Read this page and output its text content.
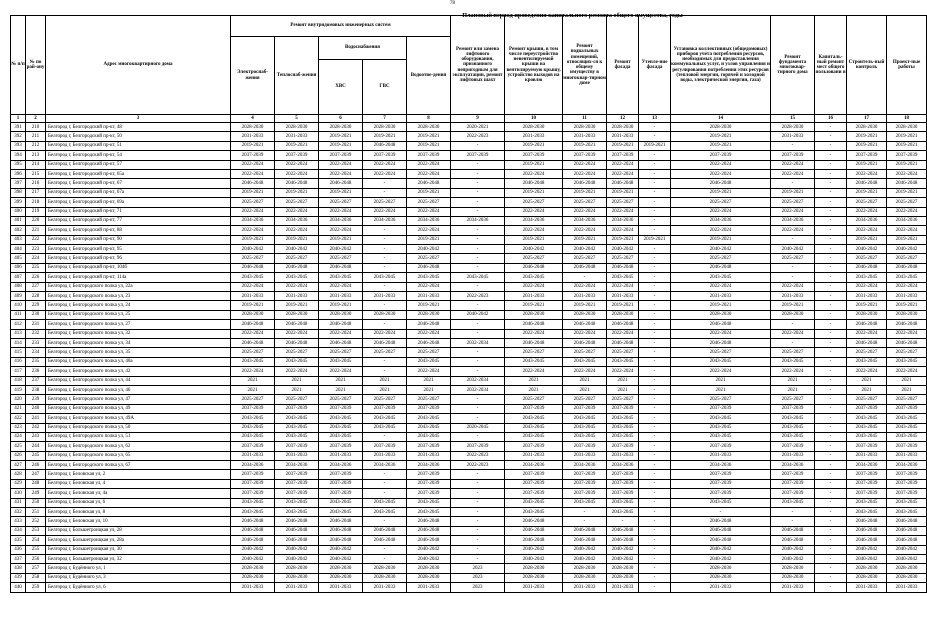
78
Плановый период проведения капитального ремонта общего имущества, годы
№ п/п	№ по рай-ону	Адрес многоквартирного дома	Ремонт внутридомовых инженерных систем					Ремонт или замена лифтового оборудования, признанного непригодным для эксплуатации, ремонт лифтовых шахт	Ремонт крыши, в том числе переустройство невентилируемой крыши на вентилируемую крышу, устройство выходов на кровлю	Ремонт подвальных помещений, относящих-ся к общему имуществу в многоквар-тирном доме	Ремонт фасада	Утепле-ние фасада	Установка коллективных (общедомовых) приборов учета потребления ресурсов, необходимых для предоставления коммунальных услуг, и узлов управления и регулирования потребления этих ресурсов (тепловой энергии, горячей и холодной воды, электрической энергии, газа)	Ремонт фундамента многоквар-тирного дома	Капиталь-ный ремонт мест общего пользовани я	Строитель-ный контроль	Проект-ные работы
			Электроснаб-жения	Теплоснаб-жения	Водоснабжения		Водоотве-дения										
					ХВС	ГВС											
1	2	3	4	5	6	7	8	9	10	11	12	13	14	15	16	17	18
391	210	Белгород г, Белгородский пр-кт, 48	2028-2030	2028-2030	2028-2030	2028-2030	2028-2030	2020-2021	2028-2030	2028-2030	2028-2030	-	2028-2030	2028-2030	-	2028-2030	2028-2030
392	211	Белгород г, Белгородский пр-кт, 50	2031-2033	2031-2033	2019-2021	2019-2021	2019-2021	2022-2023	2031-2033	2031-2033	2031-2033	-	2019-2021	2031-2033	-	2019-2021	2019-2021
393	212	Белгород г, Белгородский пр-кт, 51	2019-2021	2019-2021	2019-2021	2046-2048	2019-2021	-	2019-2021	2019-2021	2019-2021	2019-2021	2019-2021	-	-	2019-2021	2019-2021
394	213	Белгород г, Белгородский пр-кт, 54	2037-2039	2037-2039	2037-2039	2037-2039	2037-2039	2037-2039	2037-2039	2037-2039	2037-2039	-	2037-2039	2037-2039	-	2037-2039	2037-2039
395	214	Белгород г, Белгородский пр-кт, 57	2022-2024	2022-2024	2022-2024	2022-2024	2022-2024	-	2019-2021	2022-2024	2022-2024	-	2022-2024	2022-2024	-	2019-2021	2019-2021
396	215	Белгород г, Белгородский пр-кт, 65а	2022-2024	2022-2024	2022-2024	2022-2024	2022-2024	-	2022-2024	2022-2024	2022-2024	-	2022-2024	2022-2024	-	2022-2024	2022-2024
397	216	Белгород г, Белгородский пр-кт, 67	2046-2048	2046-2048	2046-2048	-	2046-2048	-	2046-2048	2046-2048	2046-2048	-	2046-2048	-	-	2046-2048	2046-2048
398	217	Белгород г, Белгородский пр-кт, 67а	2019-2021	2019-2021	2019-2021	-	2019-2021	-	2019-2021	2019-2021	2019-2021	-	2019-2021	2019-2021	-	2019-2021	2019-2021
399	218	Белгород г, Белгородский пр-кт, 69а	2025-2027	2025-2027	2025-2027	2025-2027	2025-2027	-	2025-2027	2025-2027	2025-2027	-	2025-2027	2025-2027	-	2025-2027	2025-2027
400	219	Белгород г, Белгородский пр-кт, 71	2022-2024	2022-2024	2022-2024	2022-2024	2022-2024	-	2022-2024	2022-2024	2022-2024	-	2022-2024	2022-2024	-	2022-2024	2022-2024
401	220	Белгород г, Белгородский пр-кт, 77	2034-2036	2034-2036	2034-2036	2034-2036	2034-2036	2034-2036	2034-2036	2034-2036	2034-2036	-	2034-2036	2034-2036	-	2034-2036	2034-2036
402	221	Белгород г, Белгородский пр-кт, 88	2022-2024	2022-2024	2022-2024	-	2022-2024	-	2022-2024	2022-2024	2022-2024	-	2022-2024	2022-2024	-	2022-2024	2022-2024
403	222	Белгород г, Белгородский пр-кт, 90	2019-2021	2019-2021	2019-2021	-	2019-2021	-	2019-2021	2019-2021	2019-2021	2019-2021	2019-2021	-	-	2019-2021	2019-2021
404	223	Белгород г, Белгородский пр-кт, 95	2040-2042	2040-2042	2040-2042	-	2040-2042	-	2040-2042	2040-2042	2040-2042	-	2040-2042	2040-2042	-	2040-2042	2040-2042
405	224	Белгород г, Белгородский пр-кт, 96	2025-2027	2025-2027	2025-2027	-	2025-2027	-	2025-2027	2025-2027	2025-2027	-	2025-2027	2025-2027	-	2025-2027	2025-2027
406	225	Белгород г, Белгородский пр-кт, 104б	2046-2048	2046-2048	2046-2048	-	2046-2048	-	2046-2048	2046-2048	2046-2048	-	2046-2048	-	-	2046-2048	2046-2048
407	226	Белгород г, Белгородский пр-кт, 114а	2043-2045	2043-2045	2043-2045	2043-2045	2043-2045	2043-2045	2043-2045	-	2043-2045	-	2043-2045	-	-	2043-2045	2043-2045
408	227	Белгород г, Белгородского полка ул, 22а	2022-2024	2022-2024	2022-2024	-	2022-2024	-	2022-2024	2022-2024	2022-2024	-	2022-2024	2022-2024	-	2022-2024	2022-2024
409	228	Белгород г, Белгородского полка ул, 23	2031-2033	2031-2033	2031-2033	2031-2033	2031-2033	2022-2023	2031-2033	2031-2033	2031-2033	-	2031-2033	2031-2033	-	2031-2033	2031-2033
410	229	Белгород г, Белгородского полка ул, 24	2019-2021	2019-2021	2019-2021	-	2019-2021	-	2019-2021	2019-2021	2019-2021	-	2019-2021	2019-2021	-	2019-2021	2019-2021
411	230	Белгород г, Белгородского полка ул, 25	2028-2030	2028-2030	2028-2030	2028-2030	2028-2030	2040-2042	2028-2030	2028-2030	2028-2030	-	2028-2030	2028-2030	-	2028-2030	2028-2030
412	231	Белгород г, Белгородского полка ул, 27	2046-2048	2046-2048	2046-2048	-	2046-2048	-	2046-2048	2046-2048	2046-2048	-	2046-2048	-	-	2046-2048	2046-2048
413	232	Белгород г, Белгородского полка ул, 32	2022-2024	2022-2024	2022-2024	2022-2024	2022-2024	-	2022-2024	2022-2024	2022-2024	-	2022-2024	2022-2024	-	2022-2024	2022-2024
414	233	Белгород г, Белгородского полка ул, 34	2046-2048	2046-2048	2046-2048	2046-2048	2046-2048	2032-2034	2046-2048	2046-2048	2046-2048	-	2046-2048	-	-	2046-2048	2046-2048
415	234	Белгород г, Белгородского полка ул, 35	2025-2027	2025-2027	2025-2027	2025-2027	2025-2027	-	2025-2027	2025-2027	2025-2027	-	2025-2027	2025-2027	-	2025-2027	2025-2027
416	235	Белгород г, Белгородского полка ул, 40а	2043-2045	2043-2045	2043-2045	-	2043-2045	-	2043-2045	2043-2045	2043-2045	-	2043-2045	2043-2045	-	2043-2045	2043-2045
417	236	Белгород г, Белгородского полка ул, 42	2022-2024	2022-2024	2022-2024	-	2022-2024	-	2022-2024	2022-2024	2022-2024	-	2022-2024	2022-2024	-	2022-2024	2022-2024
418	237	Белгород г, Белгородского полка ул, 44	2021	2021	2021	2021	2021	2032-2034	2021	2021	2021	-	2021	2021	-	2021	2021
419	238	Белгород г, Белгородского полка ул, 46	2021	2021	2021	2021	2021	2032-2034	2021	2021	2021	-	2021	2021	-	2021	2021
420	239	Белгород г, Белгородского полка ул, 47	2025-2027	2025-2027	2025-2027	2025-2027	2025-2027	-	2025-2027	2025-2027	2025-2027	-	2025-2027	2025-2027	-	2025-2027	2025-2027
421	240	Белгород г, Белгородского полка ул, 49	2037-2039	2037-2039	2037-2039	2037-2039	2037-2039	-	2037-2039	2037-2039	2037-2039	-	2037-2039	2037-2039	-	2037-2039	2037-2039
422	241	Белгород г, Белгородского полка ул, 49А	2043-2045	2043-2045	2043-2045	2043-2045	2043-2045	-	2043-2045	2043-2045	2043-2045	-	2043-2045	2043-2045	-	2043-2045	2043-2045
423	242	Белгород г, Белгородского полка ул, 50	2043-2045	2043-2045	2043-2045	2043-2045	2043-2045	2020-2045	2043-2045	2043-2045	2043-2045	-	2043-2045	2043-2045	-	2043-2045	2043-2045
424	243	Белгород г, Белгородского полка ул, 51	2043-2045	2043-2045	2043-2045	-	2043-2045	-	2043-2045	2043-2045	2043-2045	-	2043-2045	2043-2045	-	2043-2045	2043-2045
425	244	Белгород г, Белгородского полка ул, 62	2037-2039	2037-2039	2037-2039	2037-2039	2037-2039	2037-2039	2037-2039	2037-2039	2037-2039	-	2037-2039	2037-2039	-	2037-2039	2037-2039
426	245	Белгород г, Белгородского полка ул, 65	2031-2033	2031-2033	2031-2033	2031-2033	2031-2033	2022-2023	2031-2033	2031-2033	2031-2033	-	2031-2033	2031-2033	-	2031-2033	2031-2033
427	246	Белгород г, Белгородского полка ул, 67	2034-2036	2034-2036	2034-2036	2034-2036	2034-2036	2022-2023	2034-2036	2034-2036	2034-2036	-	2034-2036	2034-2036	-	2034-2036	2034-2036
428	247	Белгород г, Беловская ул, 2	2037-2039	2037-2039	2037-2039	-	2037-2039	-	2037-2039	2037-2039	2037-2039	-	2037-2039	2037-2039	-	2037-2039	2037-2039
429	248	Белгород г, Беловская ул, 4	2037-2039	2037-2039	2037-2039	-	2037-2039	-	2037-2039	2037-2039	2037-2039	-	2037-2039	2037-2039	-	2037-2039	2037-2039
430	249	Белгород г, Беловская ул, 4а	2037-2039	2037-2039	2037-2039	-	2037-2039	-	2037-2039	2037-2039	2037-2039	-	2037-2039	2037-2039	-	2037-2039	2037-2039
431	250	Белгород г, Беловская ул, 6	2043-2045	2043-2045	2043-2045	2043-2045	2043-2045	-	2043-2045	2043-2045	2043-2045	-	2043-2045	2043-2045	-	2043-2045	2043-2045
432	251	Белгород г, Беловская ул, 8	2043-2045	2043-2045	2043-2045	2043-2045	2043-2045	-	2043-2045	-	2043-2045	-	-	-	-	2043-2045	2043-2045
433	252	Белгород г, Беловская ул, 10	2046-2048	2046-2048	2046-2048	-	2046-2048	-	2046-2048	-	-	-	2046-2048	-	-	2046-2048	2046-2048
434	253	Белгород г, Большетроицкая ул, 28	2046-2048	2046-2048	2046-2048	2046-2048	2046-2048	-	2046-2048	2046-2048	2046-2048	-	2046-2048	2046-2048	-	2046-2048	2046-2048
435	254	Белгород г, Большетроицкая ул, 28а	2046-2048	2046-2048	2046-2048	2046-2048	2046-2048	-	2046-2048	2046-2048	2046-2048	-	2046-2048	2046-2048	-	2046-2048	2046-2048
436	255	Белгород г, Большетроицкая ул, 30	2040-2042	2040-2042	2040-2042	-	2040-2042	-	2040-2042	2040-2042	2040-2042	-	2040-2042	2040-2042	-	2040-2042	2040-2042
437	256	Белгород г, Большетроицкая ул, 32	2040-2042	2040-2042	2040-2042	-	2040-2042	-	2040-2042	2040-2042	2040-2042	-	2040-2042	2040-2042	-	2040-2042	2040-2042
438	257	Белгород г, Будённого ул, 1	2028-2030	2028-2030	2028-2030	2028-2030	2028-2030	2023	2028-2030	2028-2030	2028-2030	-	2028-2030	2028-2030	-	2028-2030	2028-2030
439	258	Белгород г, Будённого ул, 3	2028-2030	2028-2030	2028-2030	2028-2030	2028-2030	2023	2028-2030	2028-2030	2028-2030	-	2028-2030	2028-2030	-	2028-2030	2028-2030
440	259	Белгород г, Будённого ул, 6	2031-2033	2031-2033	2031-2033	2031-2033	2031-2033	2023	2031-2033	2031-2033	2031-2033	-	2031-2033	2031-2033	-	2031-2033	2031-2033
